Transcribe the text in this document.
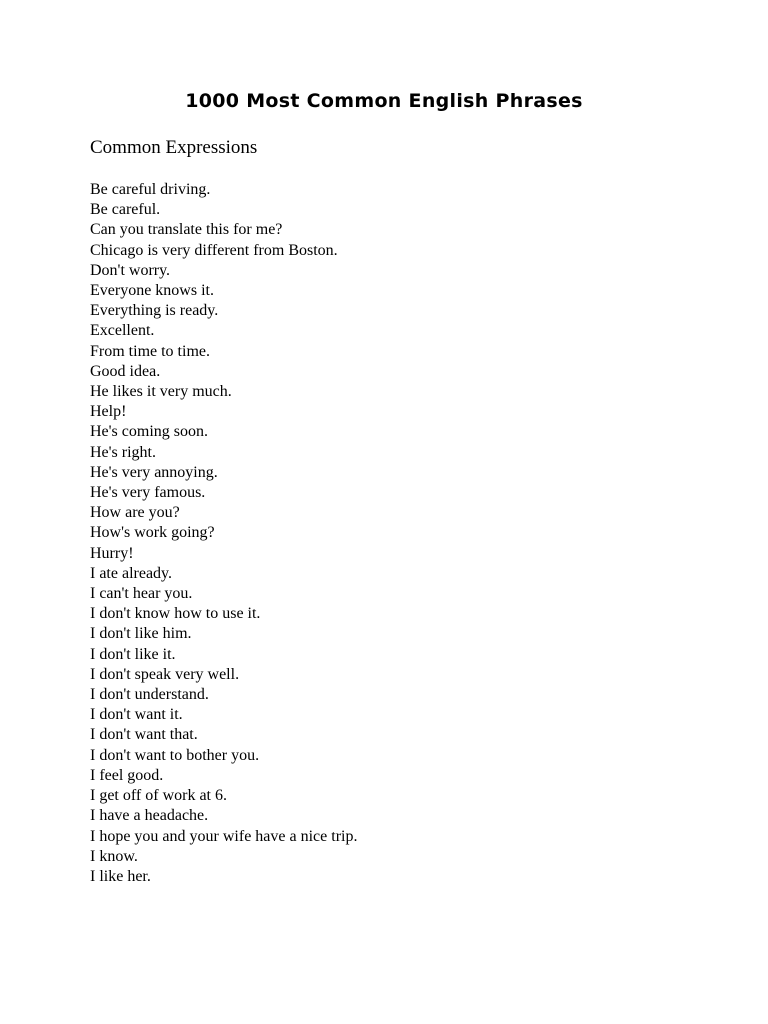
1000 Most Common English Phrases
Common Expressions
Be careful driving.
Be careful.
Can you translate this for me?
Chicago is very different from Boston.
Don't worry.
Everyone knows it.
Everything is ready.
Excellent.
From time to time.
Good idea.
He likes it very much.
Help!
He's coming soon.
He's right.
He's very annoying.
He's very famous.
How are you?
How's work going?
Hurry!
I ate already.
I can't hear you.
I don't know how to use it.
I don't like him.
I don't like it.
I don't speak very well.
I don't understand.
I don't want it.
I don't want that.
I don't want to bother you.
I feel good.
I get off of work at 6.
I have a headache.
I hope you and your wife have a nice trip.
I know.
I like her.
